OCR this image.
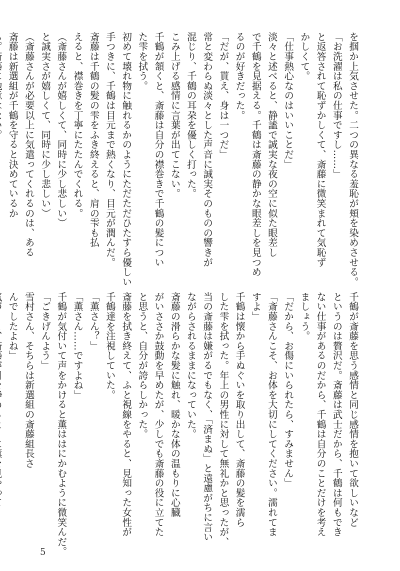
を掴か上気させた。二つの異なる羞恥が頬を染めさせる。
「お洗濯は私の仕事ですし……」
と返答されて恥ずかしくて、斎藤に微笑まれて気恥ず
かしくて。
「仕事熱心なのはいいことだ」
淡々と述べると、静謐で誠実な夜の空に似た眼差し
で千鶴を見据える。千鶴は斎藤の静かな眼差しを見つめ
るのが好きだった。
「だが、貰え、身は一つだ」
常と変わらぬ淡々とした声音に誠実そのものの響きが
混じり、千鶴の耳朶を優しく打った。
こみ上げる感情に言葉が出てこない。
千鶴が頷くと、斎藤は自分の襟巻きで千鶴の髪につい
た雫を拭う。
初めて壊れ物に触れるかのようにただただひたすら優しい
手つきに、千鶴は目元まで熱くなり、目元が潤んだ。
斎藤は千鶴の髪の雫をふき終えると、肩の雫も払
えると、襟巻きを丁寧にたたんでくれる。
（斎藤さんが嬉しくて、同時に少し悲しい）
と誠実さが嬉しくて、同時に少し悲しい）
（斎藤さんが必要以上に気遣ってくれるのは、ある
斎藤は新選組が千鶴を守ると決めているか
千鶴が斎藤を思う感情と同じ感情を抱いて欲しいなど
というのは贅沢だ。斎藤は武士だから、千鶴は何もでき
ない仕事があるのだから、千鶴は自分のことだけを考え
ましょう。
「だから、お傷にいられたら、すみません」
「斎藤さんこそ、お体を大切にしてください。濡れてま
すよ」
千鶴は懐から手ぬぐいを取り出して、斎藤の髪を濡ら
した雫を拭った。年上の男性に対して無礼かと思ったが、
当の斎藤は嫌がるでもなく、「済まぬ」と遠慮がちに言い
ながらされるままになっていた。
斎藤の滑らかな髪に触れ、暖かな体の温もりに心臓
がいささか鼓動を早めたが、少しでも斎藤の役に立てた
と思うと、自分が誇らしかった。
斎藤を拭き終えて、ふと視線をやると、見知った女性が
千鶴達を注視していた。
「薫さん？」
「薫さん……ですよね」
千鶴が気付いて声をかけると薫ははにかむように微笑んだ。
「ごきげんよう」
雪村さん、そちらは新選組の斎藤組長さ
んでしたよね」
5
